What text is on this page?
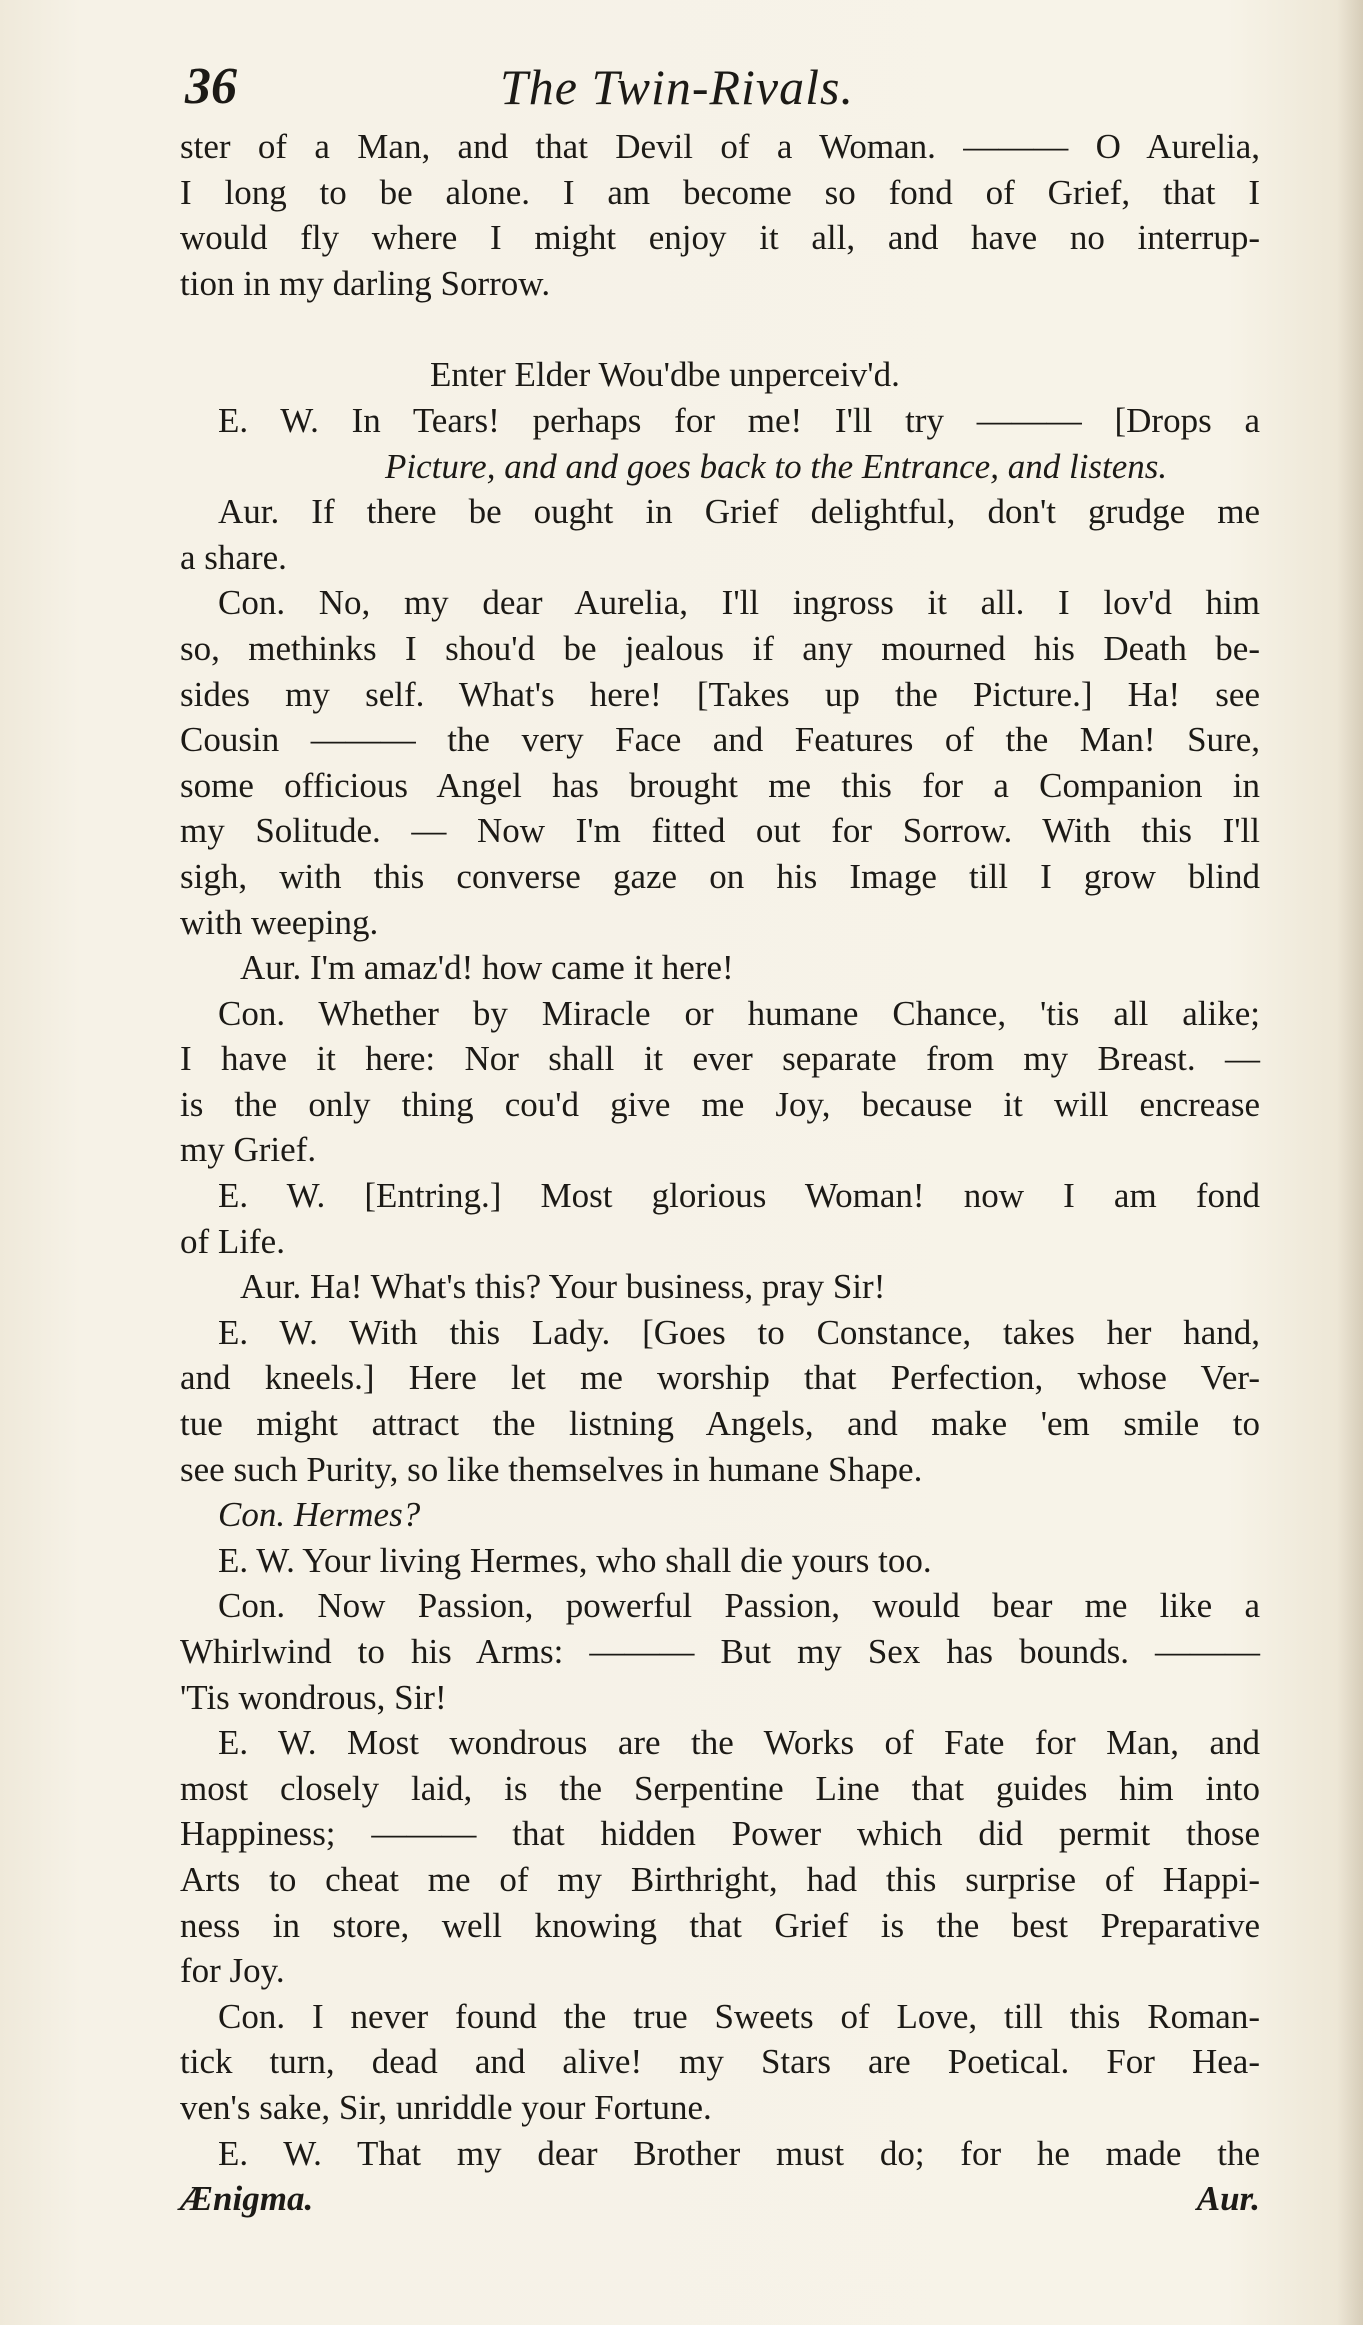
36	The Twin-Rivals.
ster of a Man, and that Devil of a Woman. ——— O Aurelia,
I long to be alone. I am become so fond of Grief, that I
would fly where I might enjoy it all, and have no interrup-
tion in my darling Sorrow.
Enter Elder Wou'dbe unperceiv'd.
E. W. In Tears! perhaps for me! I'll try ——— [Drops a
Picture, and and goes back to the Entrance, and listens.
Aur. If there be ought in Grief delightful, don't grudge me
a share.
Con. No, my dear Aurelia, I'll ingross it all. I lov'd him
so, methinks I shou'd be jealous if any mourned his Death be-
sides my self. What's here! [Takes up the Picture.] Ha! see
Cousin ——— the very Face and Features of the Man! Sure,
some officious Angel has brought me this for a Companion in
my Solitude. — Now I'm fitted out for Sorrow. With this I'll
sigh, with this converse gaze on his Image till I grow blind
with weeping.
Aur. I'm amaz'd! how came it here!
Con. Whether by Miracle or humane Chance, 'tis all alike;
I have it here: Nor shall it ever separate from my Breast. —
is the only thing cou'd give me Joy, because it will encrease
my Grief.
E. W. [Entring.] Most glorious Woman! now I am fond
of Life.
Aur. Ha! What's this? Your business, pray Sir!
E. W. With this Lady. [Goes to Constance, takes her hand,
and kneels.] Here let me worship that Perfection, whose Ver-
tue might attract the listning Angels, and make 'em smile to
see such Purity, so like themselves in humane Shape.
Con. Hermes?
E. W. Your living Hermes, who shall die yours too.
Con. Now Passion, powerful Passion, would bear me like a
Whirlwind to his Arms: ——— But my Sex has bounds. ———
'Tis wondrous, Sir!
E. W. Most wondrous are the Works of Fate for Man, and
most closely laid, is the Serpentine Line that guides him into
Happiness; ——— that hidden Power which did permit those
Arts to cheat me of my Birthright, had this surprise of Happi-
ness in store, well knowing that Grief is the best Preparative
for Joy.
Con. I never found the true Sweets of Love, till this Roman-
tick turn, dead and alive! my Stars are Poetical. For Hea-
ven's sake, Sir, unriddle your Fortune.
E. W. That my dear Brother must do; for he made the
Ænigma.	Aur.
